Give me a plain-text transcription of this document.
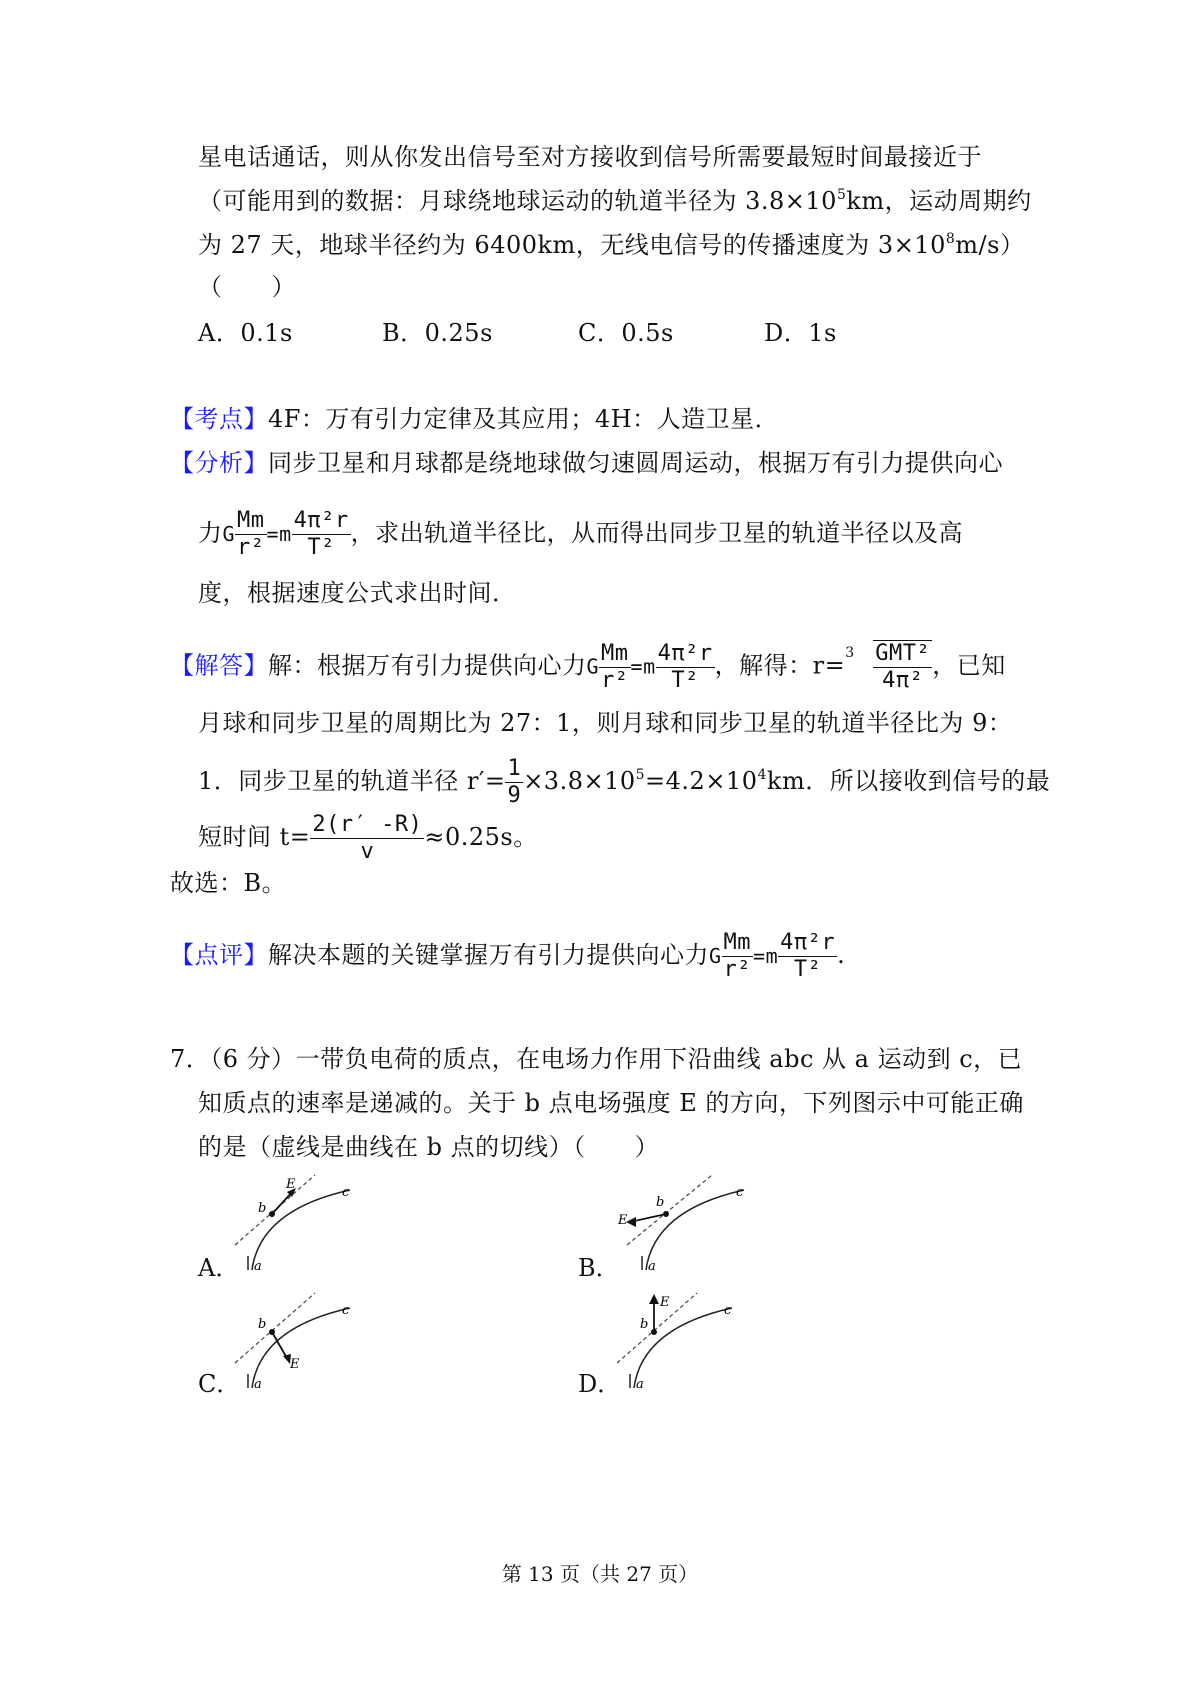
星电话通话，则从你发出信号至对方接收到信号所需要最短时间最接近于
（可能用到的数据：月球绕地球运动的轨道半径为 $3.8\times 10^5km$，运动周期约
为 27 天，地球半径约为 6400km，无线电信号的传播速度为 $3\times 10^8m/s$）
（　　）
A．0.1s	B．0.25s	C．0.5s	D．1s
【考点】4F：万有引力定律及其应用；4H：人造卫星．
【分析】同步卫星和月球都是绕地球做匀速圆周运动，根据万有引力提供向心
力G $\frac{Mm}{\text{r²}} =m \frac{\text{4π²r}}{\text{T²}}$ ，求出轨道半径比，从而得出同步卫星的轨道半径以及高
度，根据速度公式求出时间．
【解答】解：根据万有引力提供向心力G $\frac{Mm}{\text{r²}} =m \frac{\text{4π²r}}{\text{T²}}$ ，解得：$r= 3 \frac{\text{GMT²}}{\text{4π²}}$ ，已知
月球和同步卫星的周期比为 27：1，则月球和同步卫星的轨道半径比为 9：
1．同步卫星的轨道半径 $r'= \frac{1}{9} \times 3.8\times 10^5=4.2\times 10^4km$．所以接收到信号的最
短时间 $t= \frac{2(r' -R)}{v} \approx 0.25s$。
故选：B。
【点评】解决本题的关键掌握万有引力提供向心力G $\frac{Mm}{\text{r²}} =m \frac{\text{4π²r}}{\text{T²}}$ .
7．（6 分）一带负电荷的质点，在电场力作用下沿曲线 abc 从 a 运动到 c，已
知质点的速率是递减的。关于 b 点电场强度 E 的方向，下列图示中可能正确
的是（虚线是曲线在 b 点的切线）（　　）
A．	B．
C．	D．
b
E
c
a
b
E
c
a
b
E
c
a
b
E
c
a
第 13 页（共 27 页）
